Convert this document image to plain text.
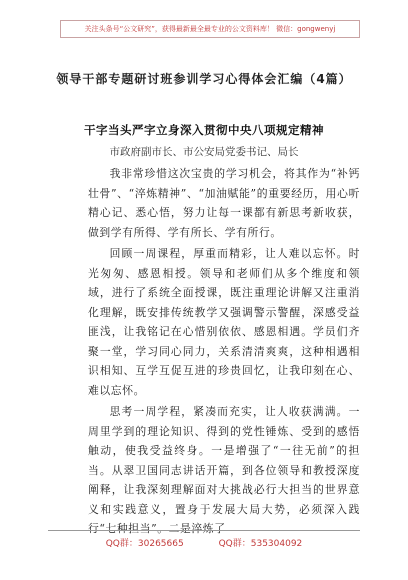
关注头条号“公文研究”，获得最新最全最专业的公文资料库！ 微信：gongwenyj
领导干部专题研讨班参训学习心得体会汇编（4篇）
干字当头严字立身深入贯彻中央八项规定精神
市政府副市长、市公安局党委书记、局长

我非常珍惜这次宝贵的学习机会，将其作为“补钙壮骨”、“淬炼精神”、“加油赋能”的重要经历，用心听精心记、悉心悟，努力让每一课都有新思考新收获，做到学有所得、学有所长、学有所行。

回顾一周课程，厚重而精彩，让人难以忘怀。时光匆匆、感恩相授。领导和老师们从多个维度和领域，进行了系统全面授课，既注重理论讲解又注重消化理解，既安排传统教学又强调警示警醒，深感受益匪浅，让我铭记在心惜别依依、感恩相遇。学员们齐聚一堂，学习同心同力，关系清清爽爽，这种相遇相识相知、互学互促互进的珍贵回忆，让我印刻在心、难以忘怀。

思考一周学程，紧凑而充实，让人收获满满。一周里学到的理论知识、得到的党性锤炼、受到的感悟触动，使我受益终身。一是增强了“一往无前”的担当。从翠卫国同志讲话开篇，到各位领导和教授深度阐释，让我深刻理解面对大挑战必行大担当的世界意义和实践意义，置身于发展大局大势，必须深入践行“七种担当”。二是淬炼了

QQ群：30265665	QQ群：535304092
